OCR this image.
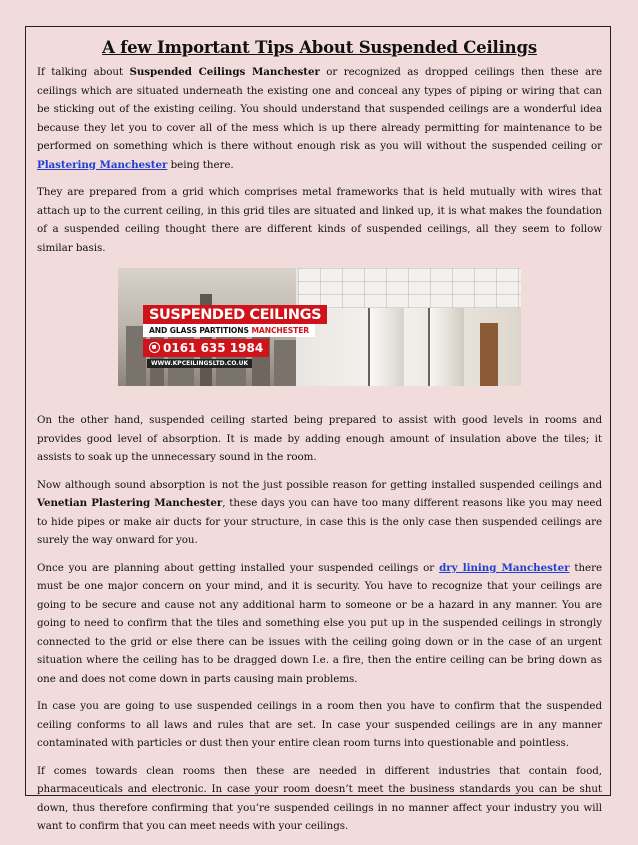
A few Important Tips About Suspended Ceilings

If talking about Suspended Ceilings Manchester or recognized as dropped ceilings then these are ceilings which are situated underneath the existing one and conceal any types of piping or wiring that can be sticking out of the existing ceiling. You should understand that suspended ceilings are a wonderful idea because they let you to cover all of the mess which is up there already permitting for maintenance to be performed on something which is there without enough risk as you will without the suspended ceiling or Plastering Manchester being there.

They are prepared from a grid which comprises metal frameworks that is held mutually with wires that attach up to the current ceiling, in this grid tiles are situated and linked up, it is what makes the foundation of a suspended ceiling thought there are different kinds of suspended ceilings, all they seem to follow similar basis.

SUSPENDED CEILINGS
AND GLASS PARTITIONS MANCHESTER
0161 635 1984
WWW.KPCEILINGSLTD.CO.UK

On the other hand, suspended ceiling started being prepared to assist with good levels in rooms and provides good level of absorption. It is made by adding enough amount of insulation above the tiles; it assists to soak up the unnecessary sound in the room.

Now although sound absorption is not the just possible reason for getting installed suspended ceilings and Venetian Plastering Manchester, these days you can have too many different reasons like you may need to hide pipes or make air ducts for your structure, in case this is the only case then suspended ceilings are surely the way onward for you.

Once you are planning about getting installed your suspended ceilings or dry lining Manchester there must be one major concern on your mind, and it is security. You have to recognize that your ceilings are going to be secure and cause not any additional harm to someone or be a hazard in any manner. You are going to need to confirm that the tiles and something else you put up in the suspended ceilings in strongly connected to the grid or else there can be issues with the ceiling going down or in the case of an urgent situation where the ceiling has to be dragged down I.e. a fire, then the entire ceiling can be bring down as one and does not come down in parts causing main problems.

In case you are going to use suspended ceilings in a room then you have to confirm that the suspended ceiling conforms to all laws and rules that are set. In case your suspended ceilings are in any manner contaminated with particles or dust then your entire clean room turns into questionable and pointless.

If comes towards clean rooms then these are needed in different industries that contain food, pharmaceuticals and electronic. In case your room doesn’t meet the business standards you can be shut down, thus therefore confirming that you’re suspended ceilings in no manner affect your industry you will want to confirm that you can meet needs with your ceilings.
